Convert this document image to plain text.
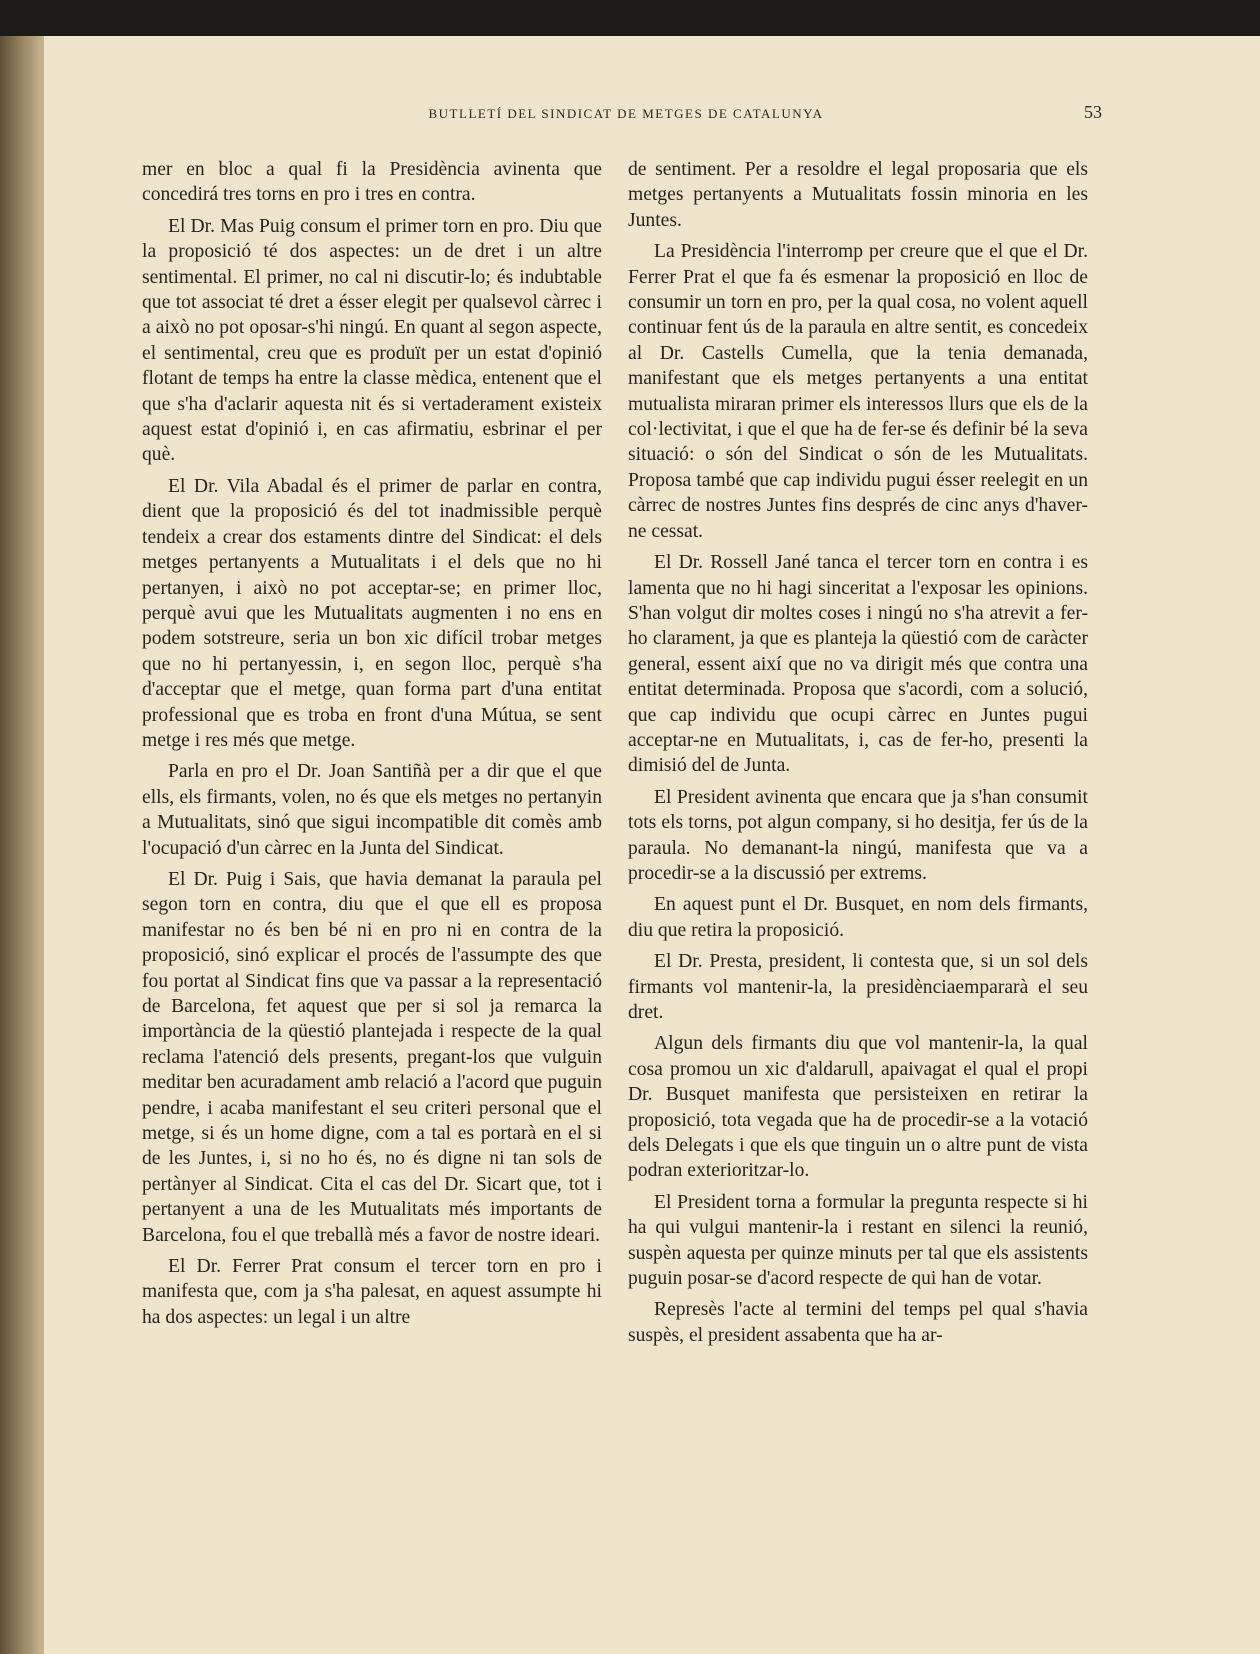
BUTLLETÍ DEL SINDICAT DE METGES DE CATALUNYA	53

mer en bloc a qual fi la Presidència avinenta que concedirá tres torns en pro i tres en contra.

El Dr. Mas Puig consum el primer torn en pro. Diu que la proposició té dos aspectes: un de dret i un altre sentimental. El primer, no cal ni discutir-lo; és indubtable que tot associat té dret a ésser elegit per qualsevol càrrec i a això no pot oposar-s'hi ningú. En quant al segon aspecte, el sentimental, creu que es produït per un estat d'opinió flotant de temps ha entre la classe mèdica, entenent que el que s'ha d'aclarir aquesta nit és si vertaderament existeix aquest estat d'opinió i, en cas afirmatiu, esbrinar el per què.

El Dr. Vila Abadal és el primer de parlar en contra, dient que la proposició és del tot inadmissible perquè tendeix a crear dos estaments dintre del Sindicat: el dels metges pertanyents a Mutualitats i el dels que no hi pertanyen, i això no pot acceptar-se; en primer lloc, perquè avui que les Mutualitats augmenten i no ens en podem sotstreure, seria un bon xic difícil trobar metges que no hi pertanyessin, i, en segon lloc, perquè s'ha d'acceptar que el metge, quan forma part d'una entitat professional que es troba en front d'una Mútua, se sent metge i res més que metge.

Parla en pro el Dr. Joan Santiñà per a dir que el que ells, els firmants, volen, no és que els metges no pertanyin a Mutualitats, sinó que sigui incompatible dit comès amb l'ocupació d'un càrrec en la Junta del Sindicat.

El Dr. Puig i Sais, que havia demanat la paraula pel segon torn en contra, diu que el que ell es proposa manifestar no és ben bé ni en pro ni en contra de la proposició, sinó explicar el procés de l'assumpte des que fou portat al Sindicat fins que va passar a la representació de Barcelona, fet aquest que per si sol ja remarca la importància de la qüestió plantejada i respecte de la qual reclama l'atenció dels presents, pregant-los que vulguin meditar ben acuradament amb relació a l'acord que puguin pendre, i acaba manifestant el seu criteri personal que el metge, si és un home digne, com a tal es portarà en el si de les Juntes, i, si no ho és, no és digne ni tan sols de pertànyer al Sindicat. Cita el cas del Dr. Sicart que, tot i pertanyent a una de les Mutualitats més importants de Barcelona, fou el que treballà més a favor de nostre ideari.

El Dr. Ferrer Prat consum el tercer torn en pro i manifesta que, com ja s'ha palesat, en aquest assumpte hi ha dos aspectes: un legal i un altre

de sentiment. Per a resoldre el legal proposaria que els metges pertanyents a Mutualitats fossin minoria en les Juntes.

La Presidència l'interromp per creure que el que el Dr. Ferrer Prat el que fa és esmenar la proposició en lloc de consumir un torn en pro, per la qual cosa, no volent aquell continuar fent ús de la paraula en altre sentit, es concedeix al Dr. Castells Cumella, que la tenia demanada, manifestant que els metges pertanyents a una entitat mutualista miraran primer els interessos llurs que els de la col·lectivitat, i que el que ha de fer-se és definir bé la seva situació: o són del Sindicat o són de les Mutualitats. Proposa també que cap individu pugui ésser reelegit en un càrrec de nostres Juntes fins després de cinc anys d'haver-ne cessat.

El Dr. Rossell Jané tanca el tercer torn en contra i es lamenta que no hi hagi sinceritat a l'exposar les opinions. S'han volgut dir moltes coses i ningú no s'ha atrevit a fer-ho clarament, ja que es planteja la qüestió com de caràcter general, essent així que no va dirigit més que contra una entitat determinada. Proposa que s'acordi, com a solució, que cap individu que ocupi càrrec en Juntes pugui acceptar-ne en Mutualitats, i, cas de fer-ho, presenti la dimisió del de Junta.

El President avinenta que encara que ja s'han consumit tots els torns, pot algun company, si ho desitja, fer ús de la paraula. No demanant-la ningú, manifesta que va a procedir-se a la discussió per extrems.

En aquest punt el Dr. Busquet, en nom dels firmants, diu que retira la proposició.

El Dr. Presta, president, li contesta que, si un sol dels firmants vol mantenir-la, la presidènciaempararà el seu dret.

Algun dels firmants diu que vol mantenir-la, la qual cosa promou un xic d'aldarull, apaivagat el qual el propi Dr. Busquet manifesta que persisteixen en retirar la proposició, tota vegada que ha de procedir-se a la votació dels Delegats i que els que tinguin un o altre punt de vista podran exterioritzar-lo.

El President torna a formular la pregunta respecte si hi ha qui vulgui mantenir-la i restant en silenci la reunió, suspèn aquesta per quinze minuts per tal que els assistents puguin posar-se d'acord respecte de qui han de votar.

Represès l'acte al termini del temps pel qual s'havia suspès, el president assabenta que ha ar-
